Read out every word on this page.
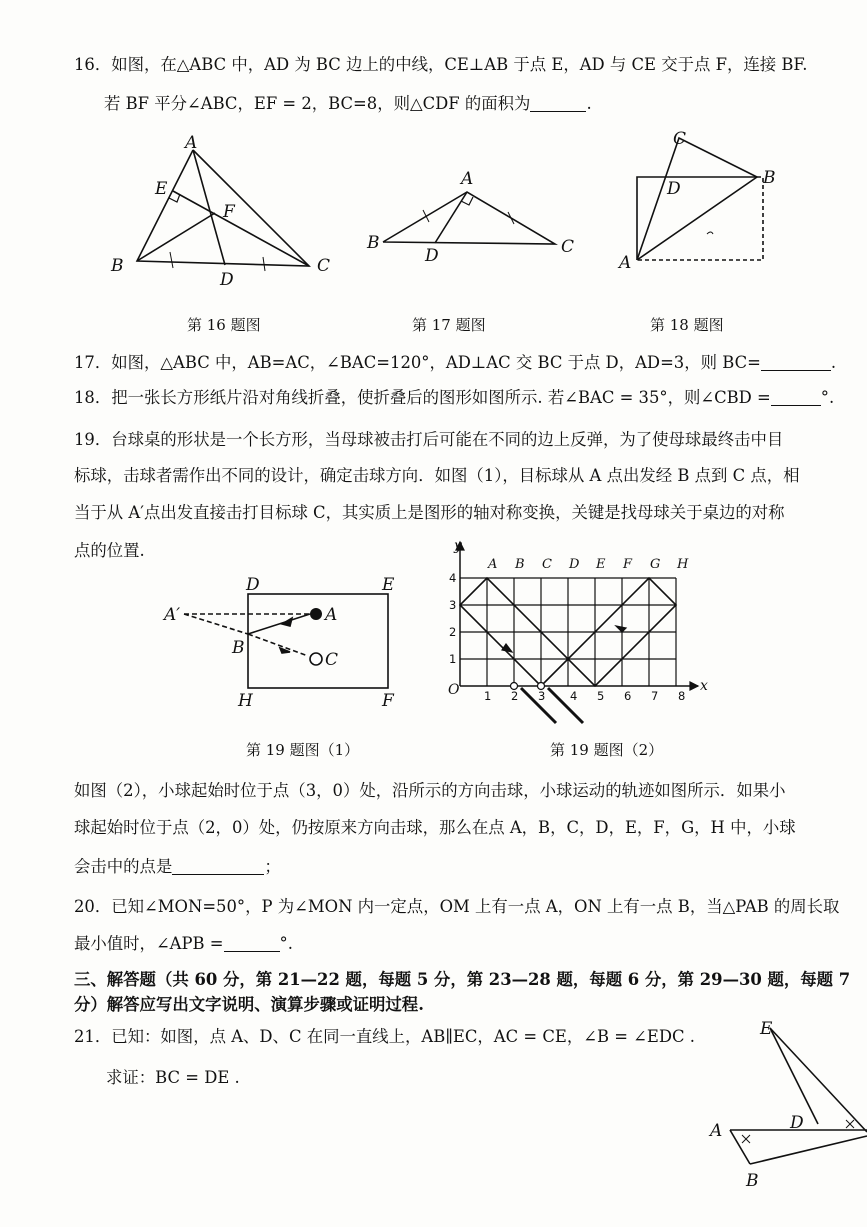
16．如图，在△ABC 中，AD 为 BC 边上的中线，CE⊥AB 于点 E，AD 与 CE 交于点 F，连接 BF.
若 BF 平分∠ABC，EF = 2，BC=8，则△CDF 的面积为	.
A
E
F
B
D
C
A
B
D	C
C
D
B
A
第 16 题图	第 17 题图	第 18 题图
17．如图，△ABC 中，AB=AC，∠BAC=120°，AD⊥AC 交 BC 于点 D，AD=3，则 BC=	.
18．把一张长方形纸片沿对角线折叠，使折叠后的图形如图所示. 若∠BAC = 35°，则∠CBD =	°.
19．台球桌的形状是一个长方形，当母球被击打后可能在不同的边上反弹，为了使母球最终击中目
标球，击球者需作出不同的设计，确定击球方向．如图（1），目标球从 A 点出发经 B 点到 C 点，相
当于从 A′点出发直接击打目标球 C，其实质上是图形的轴对称变换，关键是找母球关于桌边的对称
点的位置.
D	E
A′	A
B
C
H	F
y
x
O
4
3
2
1
1 2 3 4 5 6 7 8
A B C D E F G H
第 19 题图（1）	第 19 题图（2）
如图（2），小球起始时位于点（3，0）处，沿所示的方向击球，小球运动的轨迹如图所示．如果小
球起始时位于点（2，0）处，仍按原来方向击球，那么在点 A，B，C，D，E，F，G，H 中，小球
会击中的点是	；
20．已知∠MON=50°，P 为∠MON 内一定点，OM 上有一点 A，ON 上有一点 B，当△PAB 的周长取
最小值时，∠APB =	°.
三、解答题（共 60 分，第 21—22 题，每题 5 分，第 23—28 题，每题 6 分，第 29—30 题，每题 7
分）解答应写出文字说明、演算步骤或证明过程.
21．已知：如图，点 A、D、C 在同一直线上，AB∥EC，AC = CE，∠B = ∠EDC .
求证：BC = DE .
E
D
A
B
